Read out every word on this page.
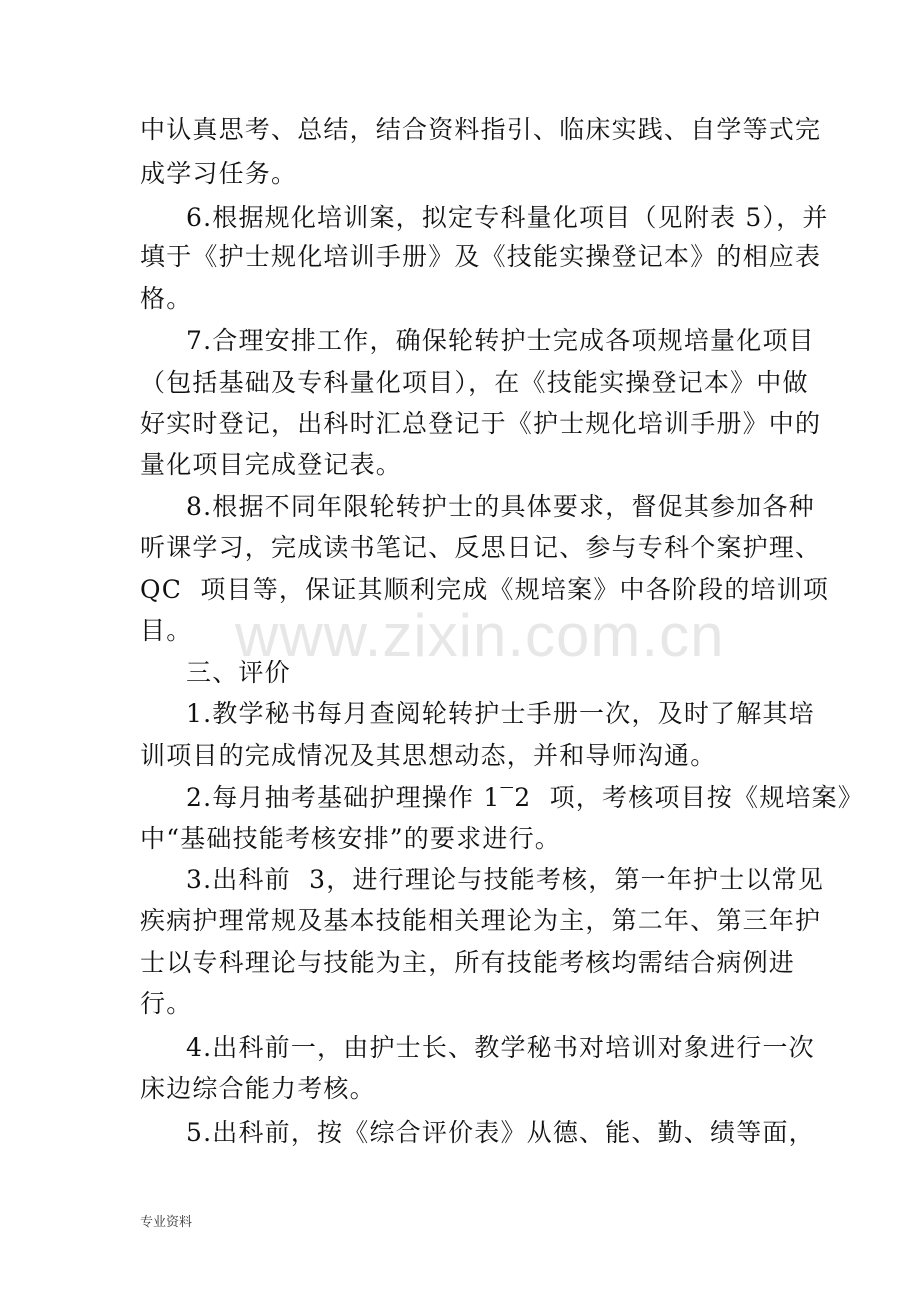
中认真思考、总结，结合资料指引、临床实践、自学等式完
成学习任务。
6.根据规化培训案，拟定专科量化项目（见附表 5），并
填于《护士规化培训手册》及《技能实操登记本》的相应表
格。
7.合理安排工作，确保轮转护士完成各项规培量化项目
（包括基础及专科量化项目），在《技能实操登记本》中做
好实时登记，出科时汇总登记于《护士规化培训手册》中的
量化项目完成登记表。
8.根据不同年限轮转护士的具体要求，督促其参加各种
听课学习，完成读书笔记、反思日记、参与专科个案护理、
QC  项目等，保证其顺利完成《规培案》中各阶段的培训项
目。
三、评价
1.教学秘书每月查阅轮转护士手册一次，及时了解其培
训项目的完成情况及其思想动态，并和导师沟通。
2.每月抽考基础护理操作 1‾2  项，考核项目按《规培案》
中“基础技能考核安排”的要求进行。
3.出科前  3，进行理论与技能考核，第一年护士以常见
疾病护理常规及基本技能相关理论为主，第二年、第三年护
士以专科理论与技能为主，所有技能考核均需结合病例进
行。
4.出科前一，由护士长、教学秘书对培训对象进行一次
床边综合能力考核。
5.出科前，按《综合评价表》从德、能、勤、绩等面，
www.zixin.com.cn
专业资料
